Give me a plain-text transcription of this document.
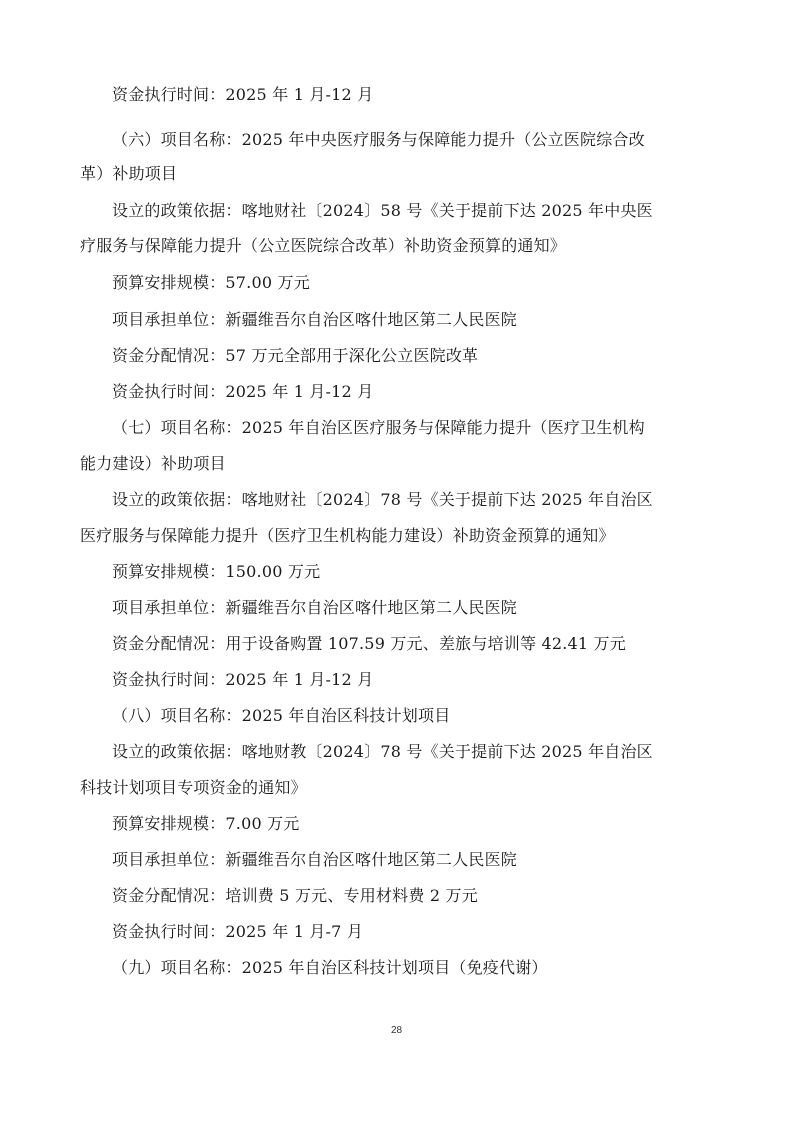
资金执行时间：2025 年 1 月-12 月
（六）项目名称：2025 年中央医疗服务与保障能力提升（公立医院综合改
革）补助项目
设立的政策依据：喀地财社〔2024〕58 号《关于提前下达 2025 年中央医
疗服务与保障能力提升（公立医院综合改革）补助资金预算的通知》
预算安排规模：57.00 万元
项目承担单位：新疆维吾尔自治区喀什地区第二人民医院
资金分配情况：57 万元全部用于深化公立医院改革
资金执行时间：2025 年 1 月-12 月
（七）项目名称：2025 年自治区医疗服务与保障能力提升（医疗卫生机构
能力建设）补助项目
设立的政策依据：喀地财社〔2024〕78 号《关于提前下达 2025 年自治区
医疗服务与保障能力提升（医疗卫生机构能力建设）补助资金预算的通知》
预算安排规模：150.00 万元
项目承担单位：新疆维吾尔自治区喀什地区第二人民医院
资金分配情况：用于设备购置 107.59 万元、差旅与培训等 42.41 万元
资金执行时间：2025 年 1 月-12 月
（八）项目名称：2025 年自治区科技计划项目
设立的政策依据：喀地财教〔2024〕78 号《关于提前下达 2025 年自治区
科技计划项目专项资金的通知》
预算安排规模：7.00 万元
项目承担单位：新疆维吾尔自治区喀什地区第二人民医院
资金分配情况：培训费 5 万元、专用材料费 2 万元
资金执行时间：2025 年 1 月-7 月
（九）项目名称：2025 年自治区科技计划项目（免疫代谢）
28
